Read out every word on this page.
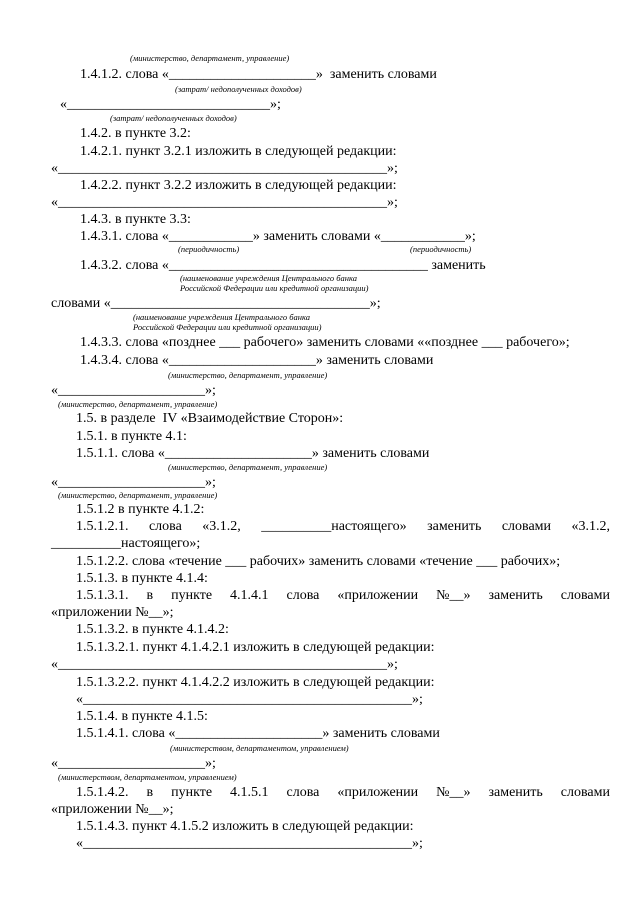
(министерство, департамент, управление)
1.4.1.2. слова «_____________________»  заменить словами
(затрат/ недополученных доходов)
«_____________________________»;
(затрат/ недополученных доходов)
1.4.2. в пункте 3.2:
1.4.2.1. пункт 3.2.1 изложить в следующей редакции:
«_______________________________________________»;
1.4.2.2. пункт 3.2.2 изложить в следующей редакции:
«_______________________________________________»;
1.4.3. в пункте 3.3:
1.4.3.1. слова «____________» заменить словами «____________»;
(периодичность)	(периодичность)
1.4.3.2. слова «_____________________________________ заменить
(наименование учреждения Центрального банка
Российской Федерации или кредитной организации)
словами «_____________________________________»;
(наименование учреждения Центрального банка
Российской Федерации или кредитной организации)
1.4.3.3. слова «позднее ___ рабочего» заменить словами ««позднее ___ рабочего»;
1.4.3.4. слова «_____________________» заменить словами
(министерство, департамент, управление)
«_____________________»;
(министерство, департамент, управление)
1.5. в разделе  IV «Взаимодействие Сторон»:
1.5.1. в пункте 4.1:
1.5.1.1. слова «_____________________» заменить словами
(министерство, департамент, управление)
«_____________________»;
(министерство, департамент, управление)
1.5.1.2 в пункте 4.1.2:
1.5.1.2.1. слова «3.1.2, __________настоящего» заменить словами «3.1.2,
__________настоящего»;
1.5.1.2.2. слова «течение ___ рабочих» заменить словами «течение ___ рабочих»;
1.5.1.3. в пункте 4.1.4:
1.5.1.3.1. в пункте 4.1.4.1 слова «приложении №__» заменить словами
«приложении №__»;
1.5.1.3.2. в пункте 4.1.4.2:
1.5.1.3.2.1. пункт 4.1.4.2.1 изложить в следующей редакции:
«_______________________________________________»;
1.5.1.3.2.2. пункт 4.1.4.2.2 изложить в следующей редакции:
«_______________________________________________»;
1.5.1.4. в пункте 4.1.5:
1.5.1.4.1. слова «_____________________» заменить словами
(министерством, департаментом, управлением)
«_____________________»;
(министерством, департаментом, управлением)
1.5.1.4.2. в пункте 4.1.5.1 слова «приложении №__» заменить словами
«приложении №__»;
1.5.1.4.3. пункт 4.1.5.2 изложить в следующей редакции:
«_______________________________________________»;
